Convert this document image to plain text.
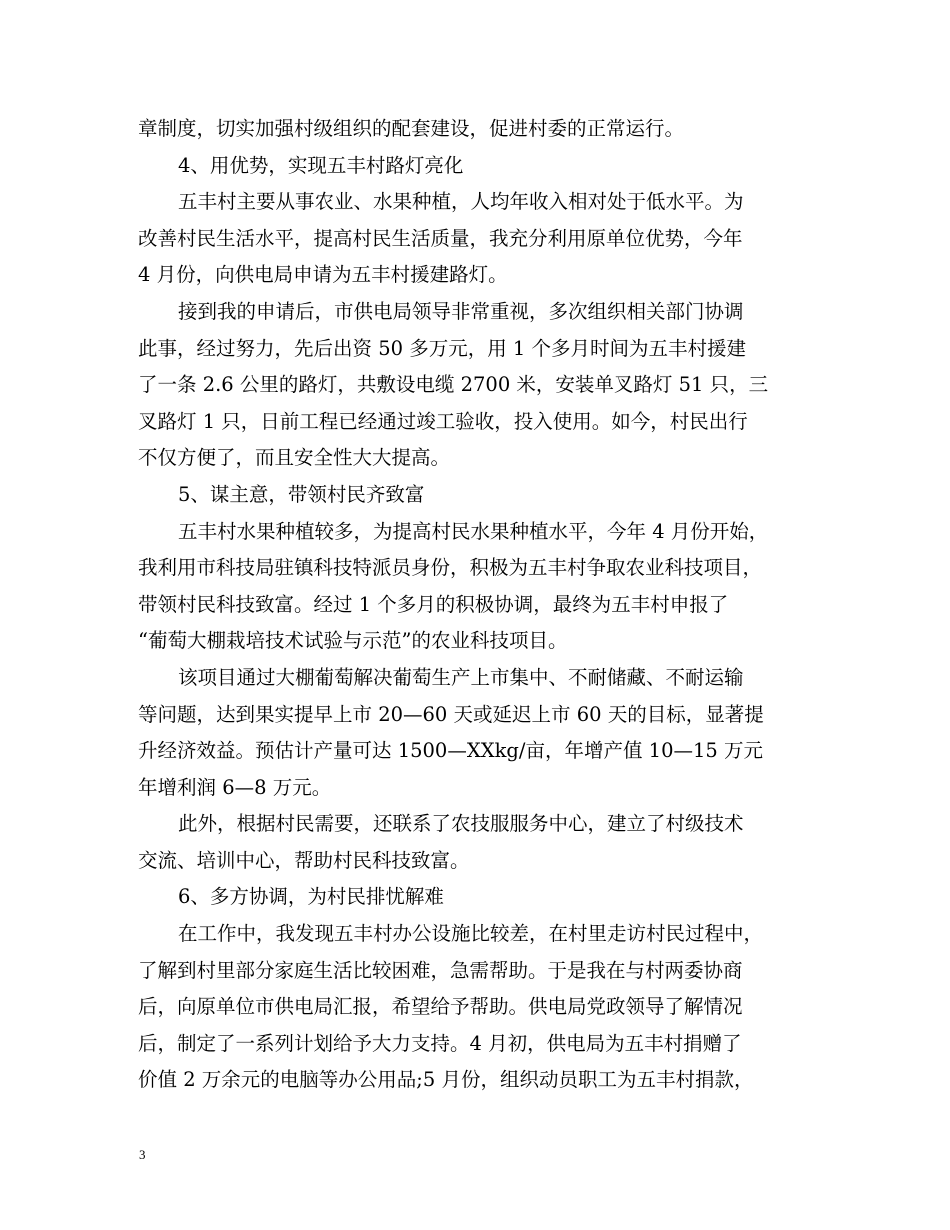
章制度，切实加强村级组织的配套建设，促进村委的正常运行。
4、用优势，实现五丰村路灯亮化
五丰村主要从事农业、水果种植，人均年收入相对处于低水平。为
改善村民生活水平，提高村民生活质量，我充分利用原单位优势，今年
4 月份，向供电局申请为五丰村援建路灯。
接到我的申请后，市供电局领导非常重视，多次组织相关部门协调
此事，经过努力，先后出资 50 多万元，用 1 个多月时间为五丰村援建
了一条 2.6 公里的路灯，共敷设电缆 2700 米，安装单叉路灯 51 只，三
叉路灯 1 只，日前工程已经通过竣工验收，投入使用。如今，村民出行
不仅方便了，而且安全性大大提高。
5、谋主意，带领村民齐致富
五丰村水果种植较多，为提高村民水果种植水平，今年 4 月份开始，
我利用市科技局驻镇科技特派员身份，积极为五丰村争取农业科技项目，
带领村民科技致富。经过 1 个多月的积极协调，最终为五丰村申报了
“葡萄大棚栽培技术试验与示范”的农业科技项目。
该项目通过大棚葡萄解决葡萄生产上市集中、不耐储藏、不耐运输
等问题，达到果实提早上市 20—60 天或延迟上市 60 天的目标，显著提
升经济效益。预估计产量可达 1500—XXkg/亩，年增产值 10—15 万元
年增利润 6—8 万元。
此外，根据村民需要，还联系了农技服服务中心，建立了村级技术
交流、培训中心，帮助村民科技致富。
6、多方协调，为村民排忧解难
在工作中，我发现五丰村办公设施比较差，在村里走访村民过程中，
了解到村里部分家庭生活比较困难，急需帮助。于是我在与村两委协商
后，向原单位市供电局汇报，希望给予帮助。供电局党政领导了解情况
后，制定了一系列计划给予大力支持。4 月初，供电局为五丰村捐赠了
价值 2 万余元的电脑等办公用品;5 月份，组织动员职工为五丰村捐款，
3
